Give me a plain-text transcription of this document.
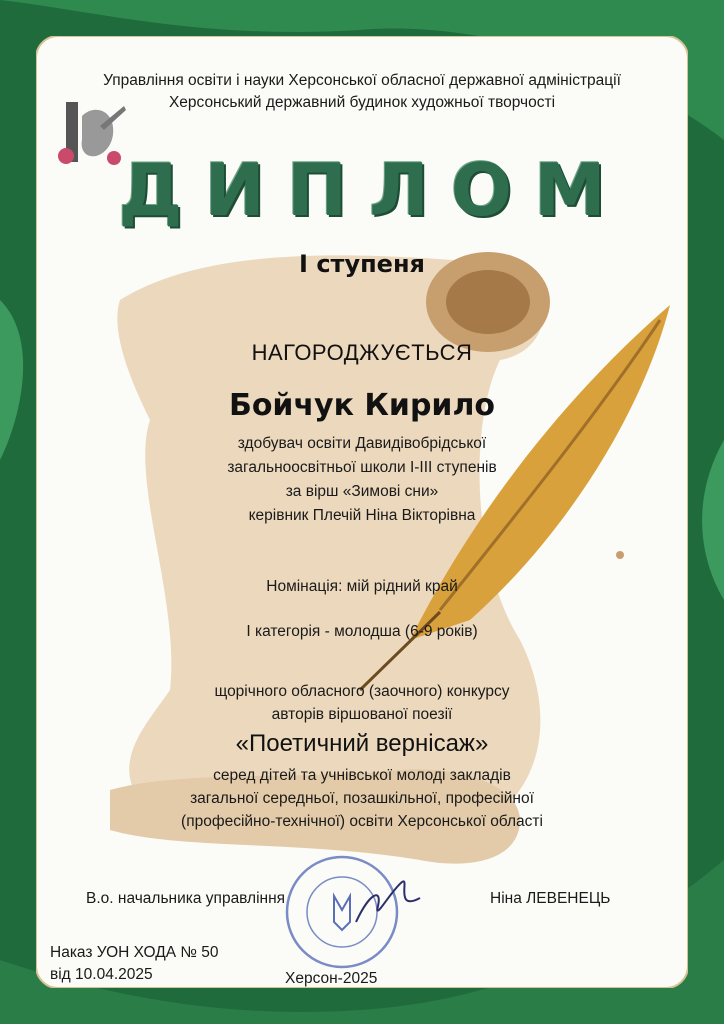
Управління освіти і науки Херсонської обласної державної адміністрації
Херсонський державний будинок художньої творчості
ДИПЛОМ
І ступеня
НАГОРОДЖУЄТЬСЯ
Бойчук Кирило
здобувач освіти Давидівобрідської
загальноосвітньої школи І-ІІІ ступенів
за вірш «Зимові сни»
керівник Плечій Ніна Вікторівна
Номінація: мій рідний край
І категорія - молодша (6-9 років)
щорічного обласного (заочного) конкурсу
авторів віршованої поезії
«Поетичний вернісаж»
серед дітей та учнівської молоді закладів
загальної середньої, позашкільної, професійної
(професійно-технічної) освіти Херсонської області
В.о. начальника управління	Ніна ЛЕВЕНЕЦЬ
Наказ УОН ХОДА № 50
від 10.04.2025	Херсон-2025
